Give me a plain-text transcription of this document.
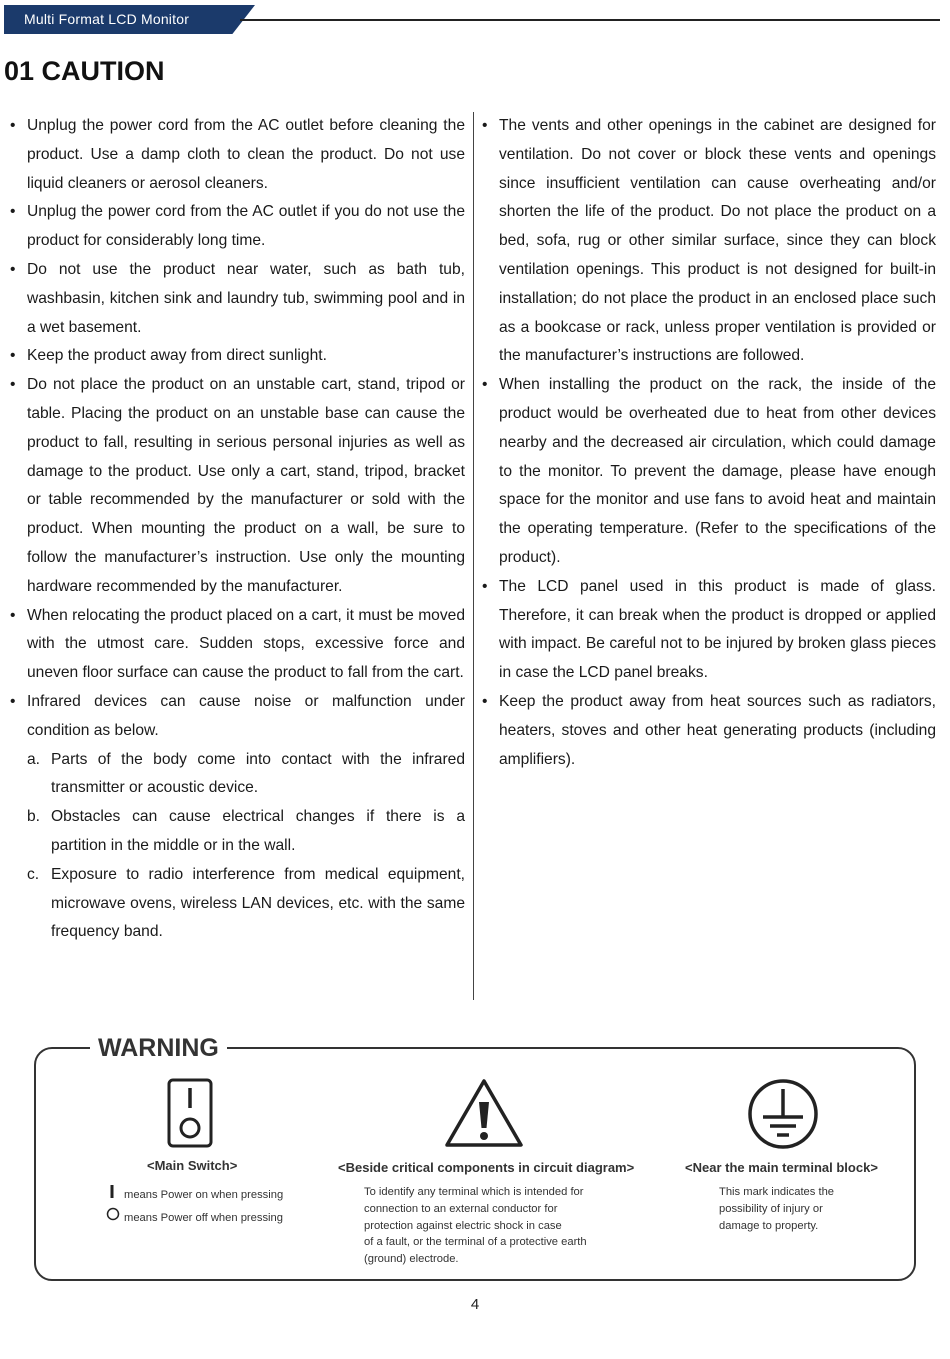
Multi Format LCD Monitor
01 CAUTION
• Unplug the power cord from the AC outlet before cleaning the product. Use a damp cloth to clean the product. Do not use liquid cleaners or aerosol cleaners.
• Unplug the power cord from the AC outlet if you do not use the product for considerably long time.
• Do not use the product near water, such as bath tub, washbasin, kitchen sink and laundry tub, swimming pool and in a wet basement.
• Keep the product away from direct sunlight.
• Do not place the product on an unstable cart, stand, tripod or table. Placing the product on an unstable base can cause the product to fall, resulting in serious personal injuries as well as damage to the product. Use only a cart, stand, tripod, bracket or table recommended by the manufacturer or sold with the product. When mounting the product on a wall, be sure to follow the manufacturer’s instruction. Use only the mounting hardware recommended by the manufacturer.
• When relocating the product placed on a cart, it must be moved with the utmost care. Sudden stops, excessive force and uneven floor surface can cause the product to fall from the cart.
• Infrared devices can cause noise or malfunction under condition as below.
a. Parts of the body come into contact with the infrared transmitter or acoustic device.
b. Obstacles can cause electrical changes if there is a partition in the middle or in the wall.
c. Exposure to radio interference from medical equipment, microwave ovens, wireless LAN devices, etc. with the same frequency band.
• The vents and other openings in the cabinet are designed for ventilation. Do not cover or block these vents and openings since insufficient ventilation can cause overheating and/or shorten the life of the product. Do not place the product on a bed, sofa, rug or other similar surface, since they can block ventilation openings. This product is not designed for built-in installation; do not place the product in an enclosed place such as a bookcase or rack, unless proper ventilation is provided or the manufacturer’s instructions are followed.
• When installing the product on the rack, the inside of the product would be overheated due to heat from other devices nearby and the decreased air circulation, which could damage to the monitor. To prevent the damage, please have enough space for the monitor and use fans to avoid heat and maintain the operating temperature. (Refer to the specifications of the product).
• The LCD panel used in this product is made of glass. Therefore, it can break when the product is dropped or applied with impact. Be careful not to be injured by broken glass pieces in case the LCD panel breaks.
• Keep the product away from heat sources such as radiators, heaters, stoves and other heat generating products (including amplifiers).
WARNING
<Main Switch>
means Power on when pressing
means Power off when pressing
<Beside critical components in circuit diagram>
To identify any terminal which is intended for
connection to an external conductor for
protection against electric shock in case
of a fault, or the terminal of a protective earth
(ground) electrode.
<Near the main terminal block>
This mark indicates the
possibility of injury or
damage to property.
4
